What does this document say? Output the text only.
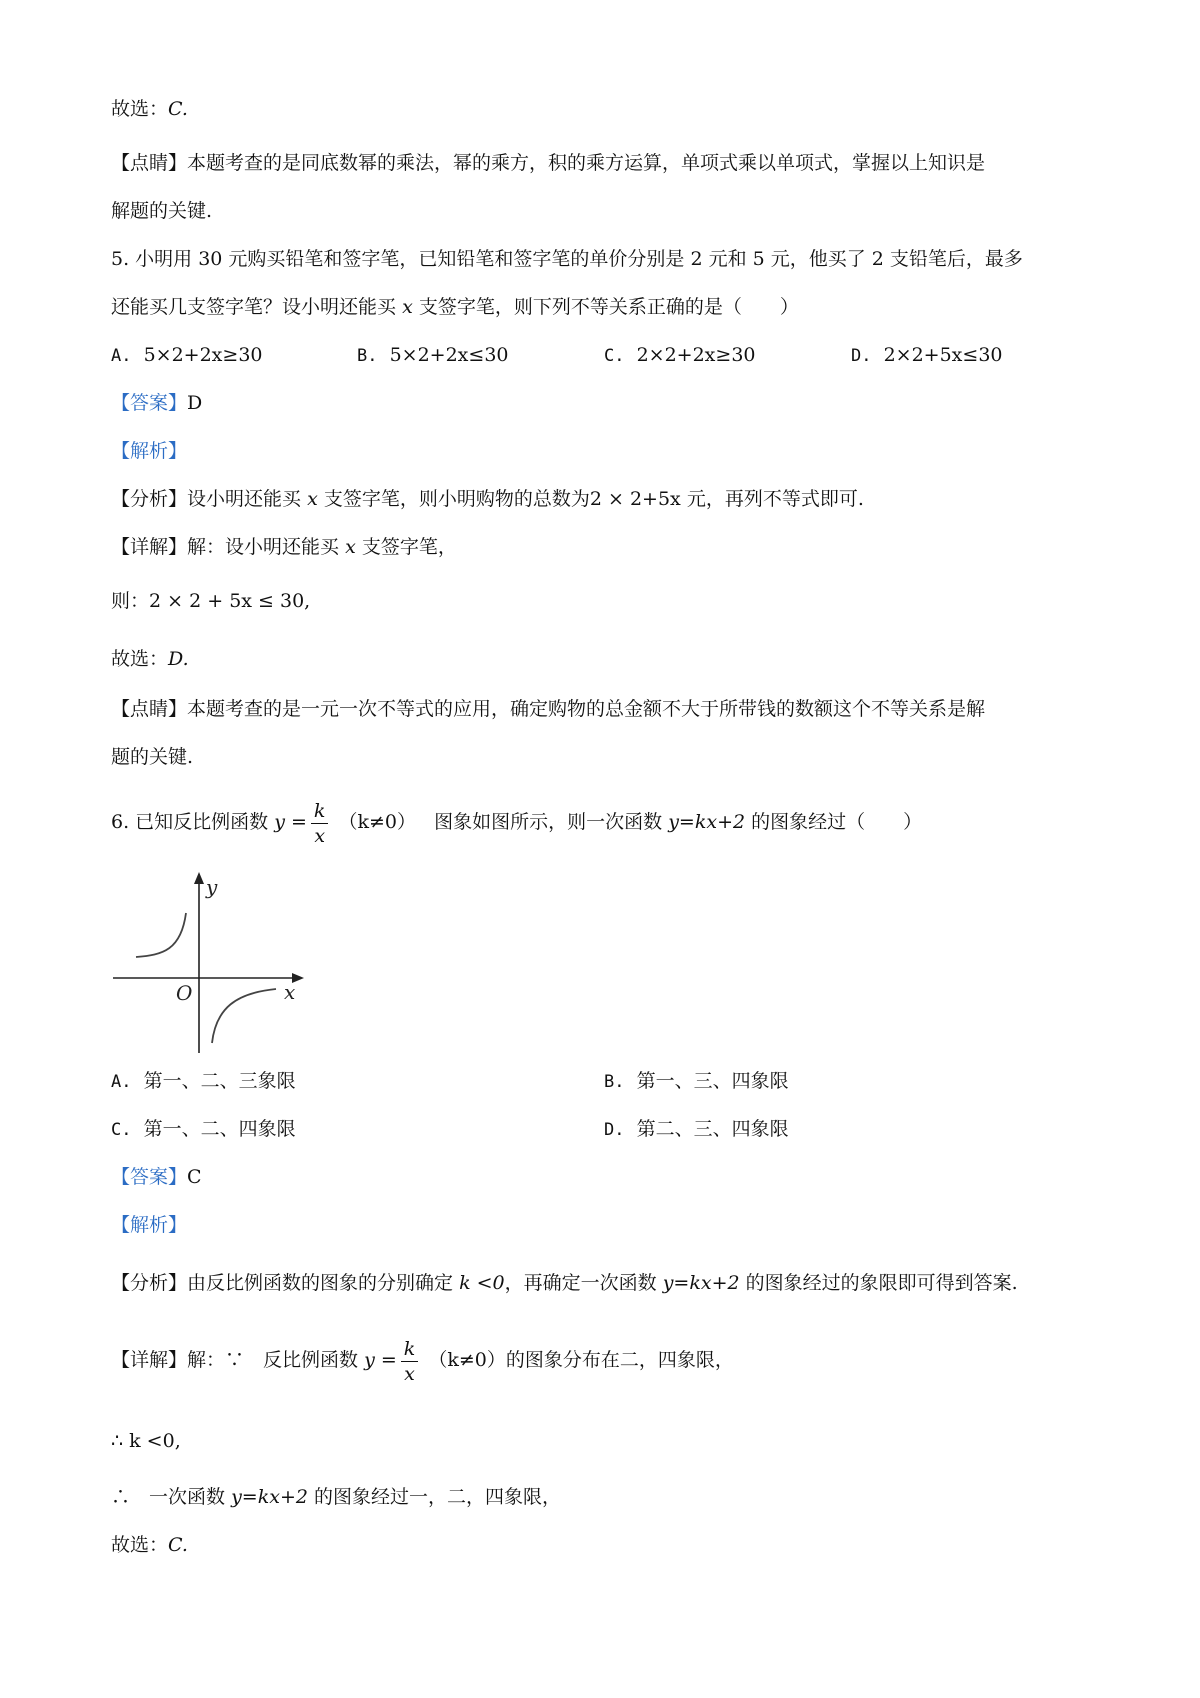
故选：C.
【点睛】本题考查的是同底数幂的乘法，幂的乘方，积的乘方运算，单项式乘以单项式，掌握以上知识是
解题的关键.
5. 小明用 30 元购买铅笔和签字笔，已知铅笔和签字笔的单价分别是 2 元和 5 元，他买了 2 支铅笔后，最多
还能买几支签字笔？设小明还能买 x 支签字笔，则下列不等关系正确的是（　　）
A. 5×2+2x≥30	B. 5×2+2x≤30	C. 2×2+2x≥30	D. 2×2+5x≤30
【答案】D
【解析】
【分析】设小明还能买 x 支签字笔，则小明购物的总数为2 × 2+5x 元，再列不等式即可.
【详解】解：设小明还能买 x 支签字笔，
则：2 × 2 + 5x ≤ 30,
故选：D.
【点睛】本题考查的是一元一次不等式的应用，确定购物的总金额不大于所带钱的数额这个不等关系是解
题的关键.
6. 已知反比例函数 $y = \frac{k}{x} (k\ne 0)$ 图象如图所示，则一次函数 y=kx+2 的图象经过（　　）
y
x
O
A. 第一、二、三象限	B. 第一、三、四象限
C. 第一、二、四象限	D. 第二、三、四象限
【答案】C
【解析】
【分析】由反比例函数的图象的分别确定 k <0，再确定一次函数 y=kx+2 的图象经过的象限即可得到答案.
【详解】解：∵　反比例函数 $y = \frac{k}{x} (k\ne 0)$的图象分布在二，四象限，
∴ k <0,
∴　一次函数 y=kx+2 的图象经过一，二，四象限，
故选：C.
